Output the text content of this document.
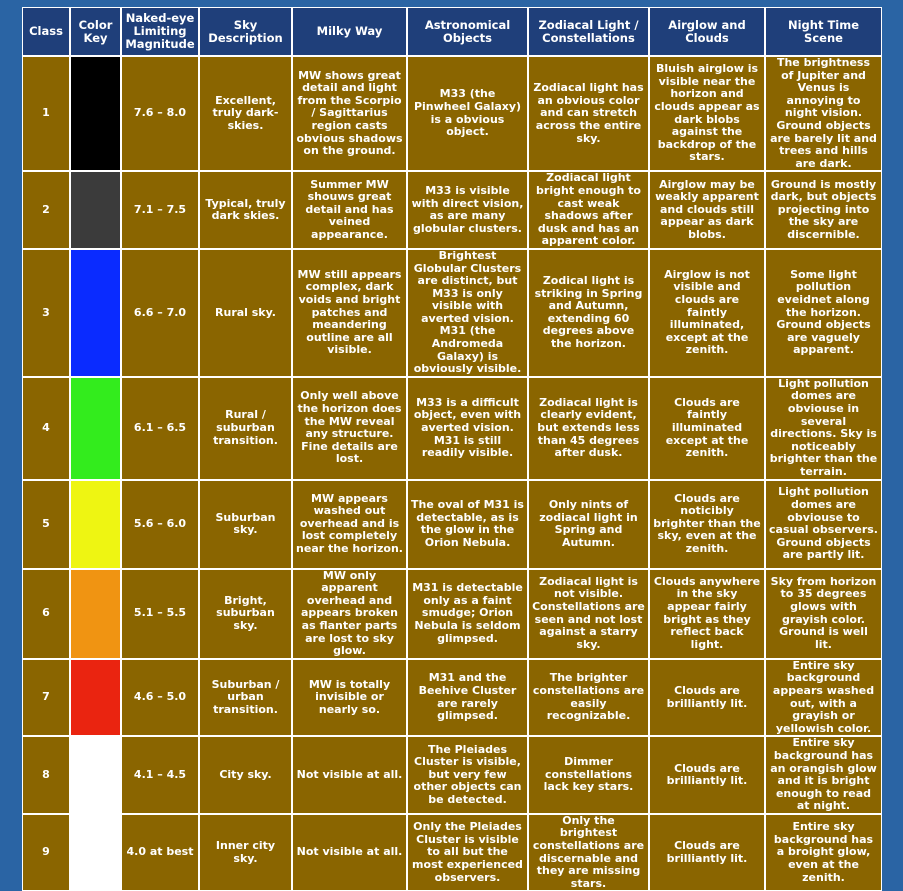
Class	Color Key	Naked-eye Limiting Magnitude	Sky Description	Milky Way	Astronomical Objects	Zodiacal Light / Constellations	Airglow and Clouds	Night Time Scene
1		7.6 – 8.0	Excellent, truly dark-skies.	MW shows great detail and light from the Scorpio / Sagittarius region casts obvious shadows on the ground.	M33 (the Pinwheel Galaxy) is a obvious object.	Zodiacal light has an obvious color and can stretch across the entire sky.	Bluish airglow is visible near the horizon and clouds appear as dark blobs against the backdrop of the stars.	The brightness of Jupiter and Venus is annoying to night vision. Ground objects are barely lit and trees and hills are dark.
2		7.1 – 7.5	Typical, truly dark skies.	Summer MW shouws great detail and has veined appearance.	M33 is visible with direct vision, as are many globular clusters.	Zodiacal light bright enough to cast weak shadows after dusk and has an apparent color.	Airglow may be weakly apparent and clouds still appear as dark blobs.	Ground is mostly dark, but objects projecting into the sky are discernible.
3		6.6 – 7.0	Rural sky.	MW still appears complex, dark voids and bright patches and meandering outline are all visible.	Brightest Globular Clusters are distinct, but M33 is only visible with averted vision. M31 (the Andromeda Galaxy) is obviously visible.	Zodical light is striking in Spring and Autumn, extending 60 degrees above the horizon.	Airglow is not visible and clouds are faintly illuminated, except at the zenith.	Some light pollution eveidnet along the horizon. Ground objects are vaguely apparent.
4		6.1 – 6.5	Rural / suburban transition.	Only well above the horizon does the MW reveal any structure. Fine details are lost.	M33 is a difficult object, even with averted vision. M31 is still readily visible.	Zodiacal light is clearly evident, but extends less than 45 degrees after dusk.	Clouds are faintly illuminated except at the zenith.	Light pollution domes are obviouse in several directions. Sky is noticeably brighter than the terrain.
5		5.6 – 6.0	Suburban sky.	MW appears washed out overhead and is lost completely near the horizon.	The oval of M31 is detectable, as is the glow in the Orion Nebula.	Only nints of zodiacal light in Spring and Autumn.	Clouds are noticibly brighter than the sky, even at the zenith.	Light pollution domes are obviouse to casual observers. Ground objects are partly lit.
6		5.1 – 5.5	Bright, suburban sky.	MW only apparent overhead and appears broken as flanter parts are lost to sky glow.	M31 is detectable only as a faint smudge; Orion Nebula is seldom glimpsed.	Zodiacal light is not visible. Constellations are seen and not lost against a starry sky.	Clouds anywhere in the sky appear fairly bright as they reflect back light.	Sky from horizon to 35 degrees glows with grayish color. Ground is well lit.
7		4.6 – 5.0	Suburban / urban transition.	MW is totally invisible or nearly so.	M31 and the Beehive Cluster are rarely glimpsed.	The brighter constellations are easily recognizable.	Clouds are brilliantly lit.	Entire sky background appears washed out, with a grayish or yellowish color.
8		4.1 – 4.5	City sky.	Not visible at all.	The Pleiades Cluster is visible, but very few other objects can be detected.	Dimmer constellations lack key stars.	Clouds are brilliantly lit.	Entire sky background has an orangish glow and it is bright enough to read at night.
9		4.0 at best	Inner city sky.	Not visible at all.	Only the Pleiades Cluster is visible to all but the most experienced observers.	Only the brightest constellations are discernable and they are missing stars.	Clouds are brilliantly lit.	Entire sky background has a broight glow, even at the zenith.
